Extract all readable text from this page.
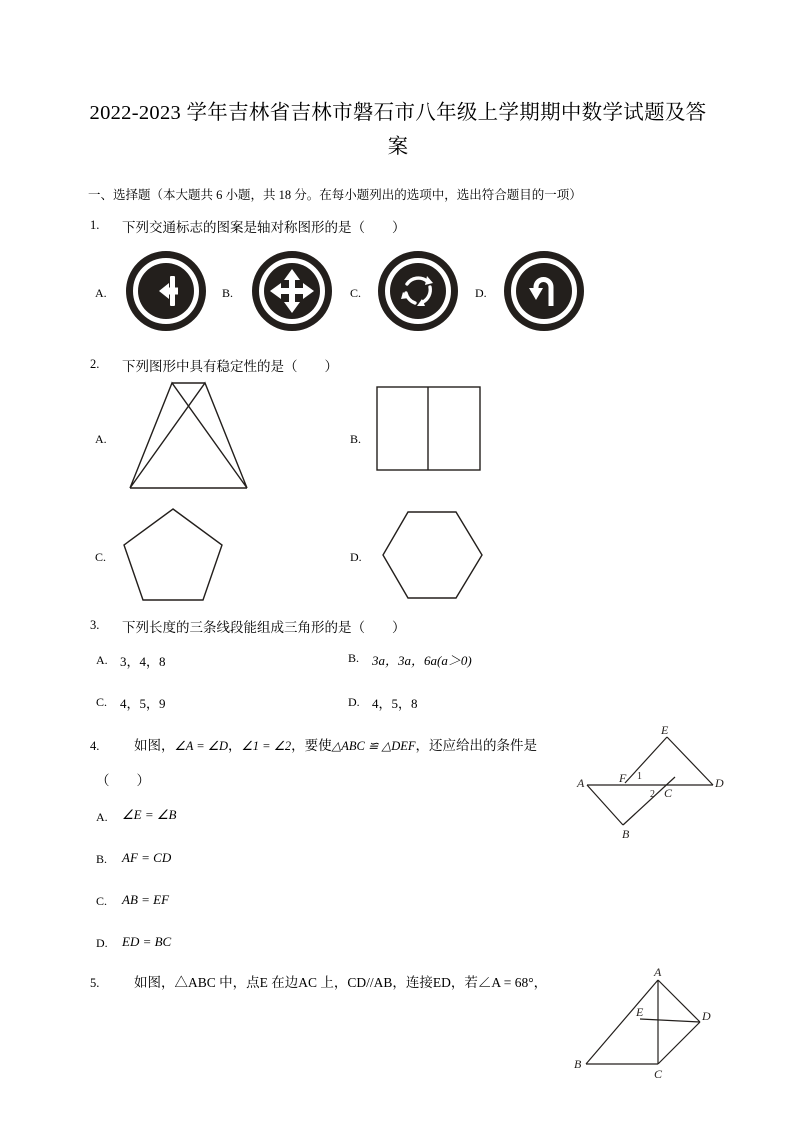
2022-2023 学年吉林省吉林市磐石市八年级上学期期中数学试题及答案
一、选择题（本大题共 6 小题，共 18 分。在每小题列出的选项中，选出符合题目的一项）
1. 下列交通标志的图案是轴对称图形的是（　　）
A.	B.	C.	D.
2. 下列图形中具有稳定性的是（　　）
A.	B.
C.	D.
3. 下列长度的三条线段能组成三角形的是（　　）
A. 3，4，8	B. 3a，3a，6a(a＞0)
C. 4，5，9	D. 4，5，8
4.	如图，∠A = ∠D，∠1 = ∠2，要使△ABC ≌ △DEF，还应给出的条件是
（　　）
A. ∠E = ∠B
B. AF = CD
C. AB = EF
D. ED = BC
E
F
A	D
B
C
1
2
5.	如图，△ABC 中，点E 在边AC 上，CD//AB，连接ED，若∠A = 68°，
A
E	D
B
C
